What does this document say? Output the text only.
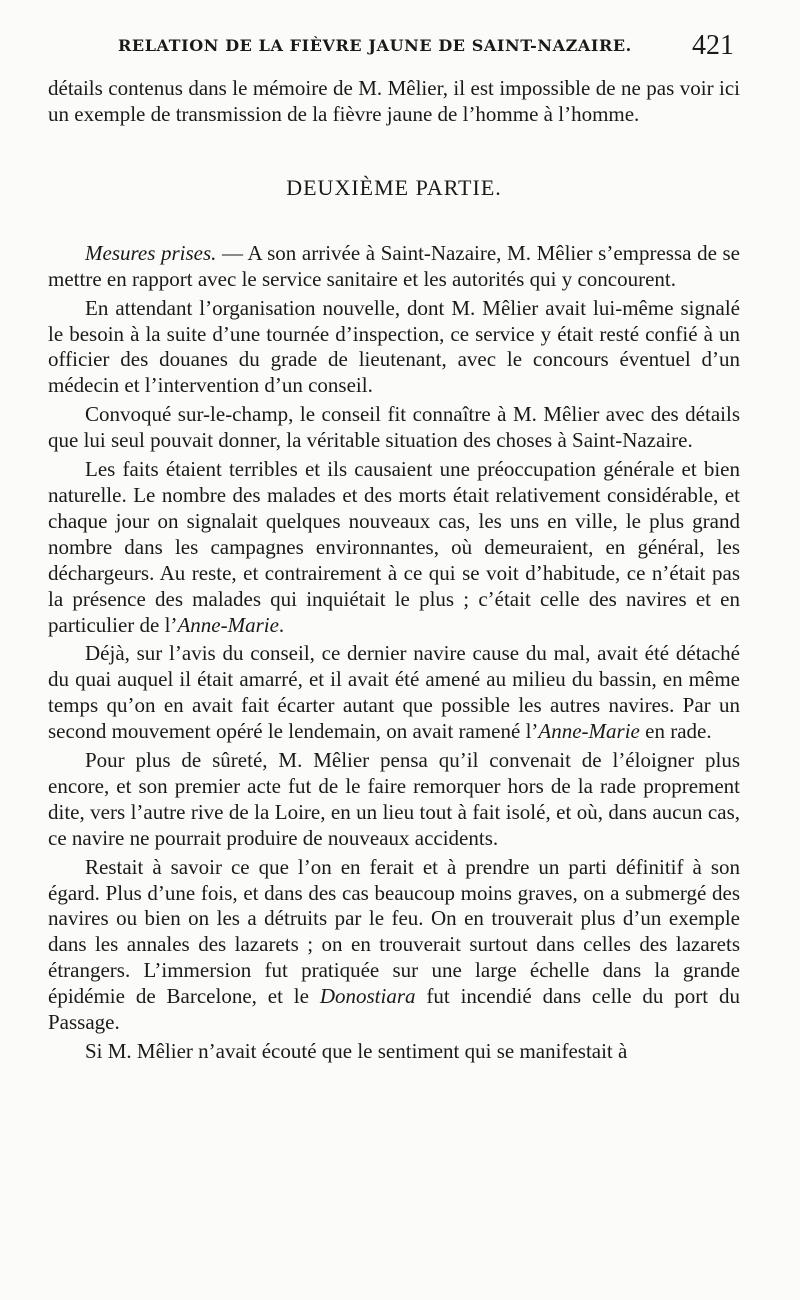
RELATION DE LA FIÈVRE JAUNE DE SAINT-NAZAIRE. 421

détails contenus dans le mémoire de M. Mêlier, il est impossible de ne pas voir ici un exemple de transmission de la fièvre jaune de l’homme à l’homme.

DEUXIÈME PARTIE.

Mesures prises. — A son arrivée à Saint-Nazaire, M. Mêlier s’empressa de se mettre en rapport avec le service sanitaire et les autorités qui y concourent.

En attendant l’organisation nouvelle, dont M. Mêlier avait lui-même signalé le besoin à la suite d’une tournée d’inspection, ce service y était resté confié à un officier des douanes du grade de lieutenant, avec le concours éventuel d’un médecin et l’intervention d’un conseil.

Convoqué sur-le-champ, le conseil fit connaître à M. Mêlier avec des détails que lui seul pouvait donner, la véritable situation des choses à Saint-Nazaire.

Les faits étaient terribles et ils causaient une préoccupation générale et bien naturelle. Le nombre des malades et des morts était relativement considérable, et chaque jour on signalait quelques nouveaux cas, les uns en ville, le plus grand nombre dans les campagnes environnantes, où demeuraient, en général, les déchargeurs. Au reste, et contrairement à ce qui se voit d’habitude, ce n’était pas la présence des malades qui inquiétait le plus ; c’était celle des navires et en particulier de l’Anne-Marie.

Déjà, sur l’avis du conseil, ce dernier navire cause du mal, avait été détaché du quai auquel il était amarré, et il avait été amené au milieu du bassin, en même temps qu’on en avait fait écarter autant que possible les autres navires. Par un second mouvement opéré le lendemain, on avait ramené l’Anne-Marie en rade.

Pour plus de sûreté, M. Mêlier pensa qu’il convenait de l’éloigner plus encore, et son premier acte fut de le faire remorquer hors de la rade proprement dite, vers l’autre rive de la Loire, en un lieu tout à fait isolé, et où, dans aucun cas, ce navire ne pourrait produire de nouveaux accidents.

Restait à savoir ce que l’on en ferait et à prendre un parti définitif à son égard. Plus d’une fois, et dans des cas beaucoup moins graves, on a submergé des navires ou bien on les a détruits par le feu. On en trouverait plus d’un exemple dans les annales des lazarets ; on en trouverait surtout dans celles des lazarets étrangers. L’immersion fut pratiquée sur une large échelle dans la grande épidémie de Barcelone, et le Donostiara fut incendié dans celle du port du Passage.

Si M. Mêlier n’avait écouté que le sentiment qui se manifestait à
